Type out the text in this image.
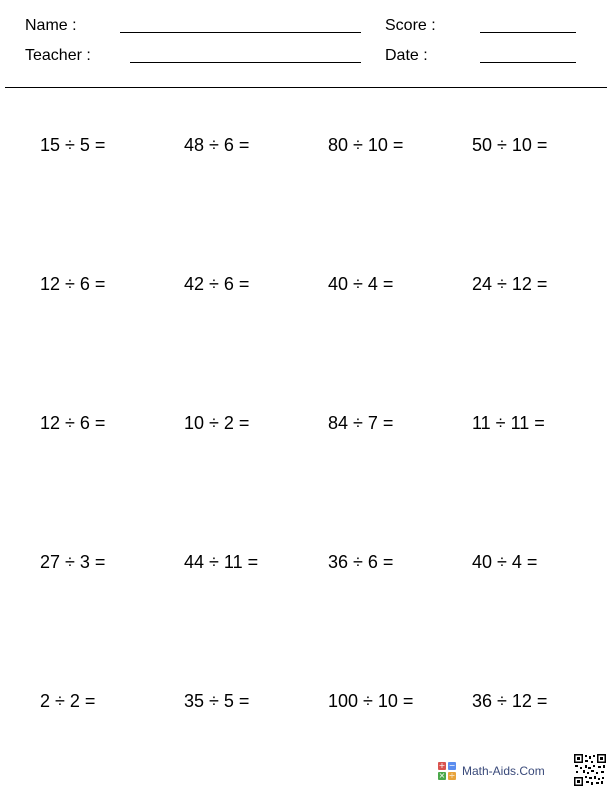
Name :	Score :
Teacher :	Date :
15 ÷ 5 =	48 ÷ 6 =	80 ÷ 10 =	50 ÷ 10 =
12 ÷ 6 =	42 ÷ 6 =	40 ÷ 4 =	24 ÷ 12 =
12 ÷ 6 =	10 ÷ 2 =	84 ÷ 7 =	11 ÷ 11 =
27 ÷ 3 =	44 ÷ 11 =	36 ÷ 6 =	40 ÷ 4 =
2 ÷ 2 =	35 ÷ 5 =	100 ÷ 10 =	36 ÷ 12 =
+ −
× ÷ Math-Aids.Com
